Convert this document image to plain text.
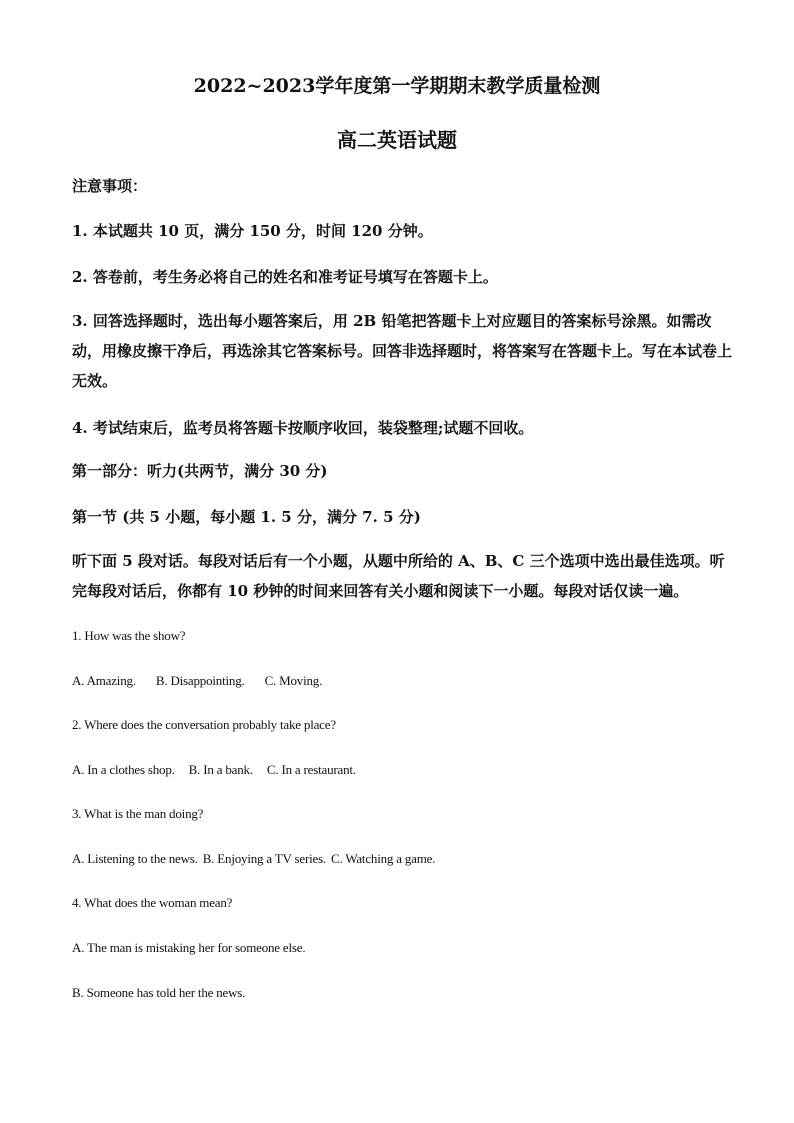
2022~2023学年度第一学期期末教学质量检测
高二英语试题
注意事项：
1. 本试题共 10 页，满分 150 分，时间 120 分钟。
2. 答卷前，考生务必将自己的姓名和准考证号填写在答题卡上。
3. 回答选择题时，选出每小题答案后，用 2B 铅笔把答题卡上对应题目的答案标号涂黑。如需改动，用橡皮擦干净后，再选涂其它答案标号。回答非选择题时，将答案写在答题卡上。写在本试卷上无效。
4. 考试结束后，监考员将答题卡按顺序收回，装袋整理;试题不回收。
第一部分：听力(共两节，满分 30 分)
第一节 (共 5 小题，每小题 1. 5 分，满分 7. 5 分)
听下面 5 段对话。每段对话后有一个小题，从题中所给的 A、B、C 三个选项中选出最佳选项。听完每段对话后，你都有 10 秒钟的时间来回答有关小题和阅读下一小题。每段对话仅读一遍。
1. How was the show?
A. Amazing. B. Disappointing. C. Moving.
2. Where does the conversation probably take place?
A. In a clothes shop. B. In a bank. C. In a restaurant.
3. What is the man doing?
A. Listening to the news. B. Enjoying a TV series. C. Watching a game.
4. What does the woman mean?
A. The man is mistaking her for someone else.
B. Someone has told her the news.
